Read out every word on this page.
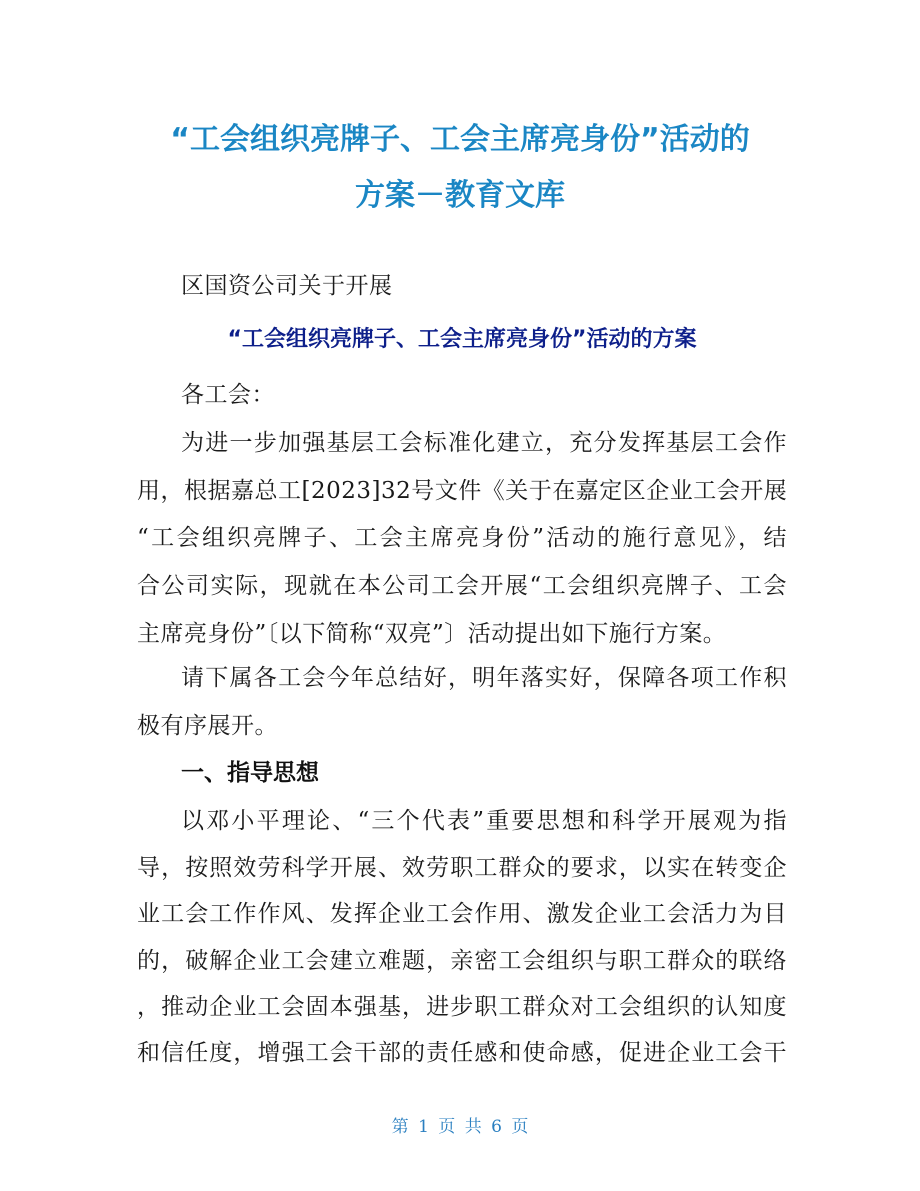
“工会组织亮牌子、工会主席亮身份”活动的
方案－教育文库
区国资公司关于开展
“工会组织亮牌子、工会主席亮身份”活动的方案
各工会：
为进一步加强基层工会标准化建立，充分发挥基层工会作
用，根据嘉总工[2023]32号文件《关于在嘉定区企业工会开展
“工会组织亮牌子、工会主席亮身份”活动的施行意见》，结
合公司实际，现就在本公司工会开展“工会组织亮牌子、工会
主席亮身份”〔以下简称“双亮”〕活动提出如下施行方案。
请下属各工会今年总结好，明年落实好，保障各项工作积
极有序展开。
一、指导思想
以邓小平理论、“三个代表”重要思想和科学开展观为指
导，按照效劳科学开展、效劳职工群众的要求，以实在转变企
业工会工作作风、发挥企业工会作用、激发企业工会活力为目
的，破解企业工会建立难题，亲密工会组织与职工群众的联络
，推动企业工会固本强基，进步职工群众对工会组织的认知度
和信任度，增强工会干部的责任感和使命感，促进企业工会干
第 1 页 共 6 页
